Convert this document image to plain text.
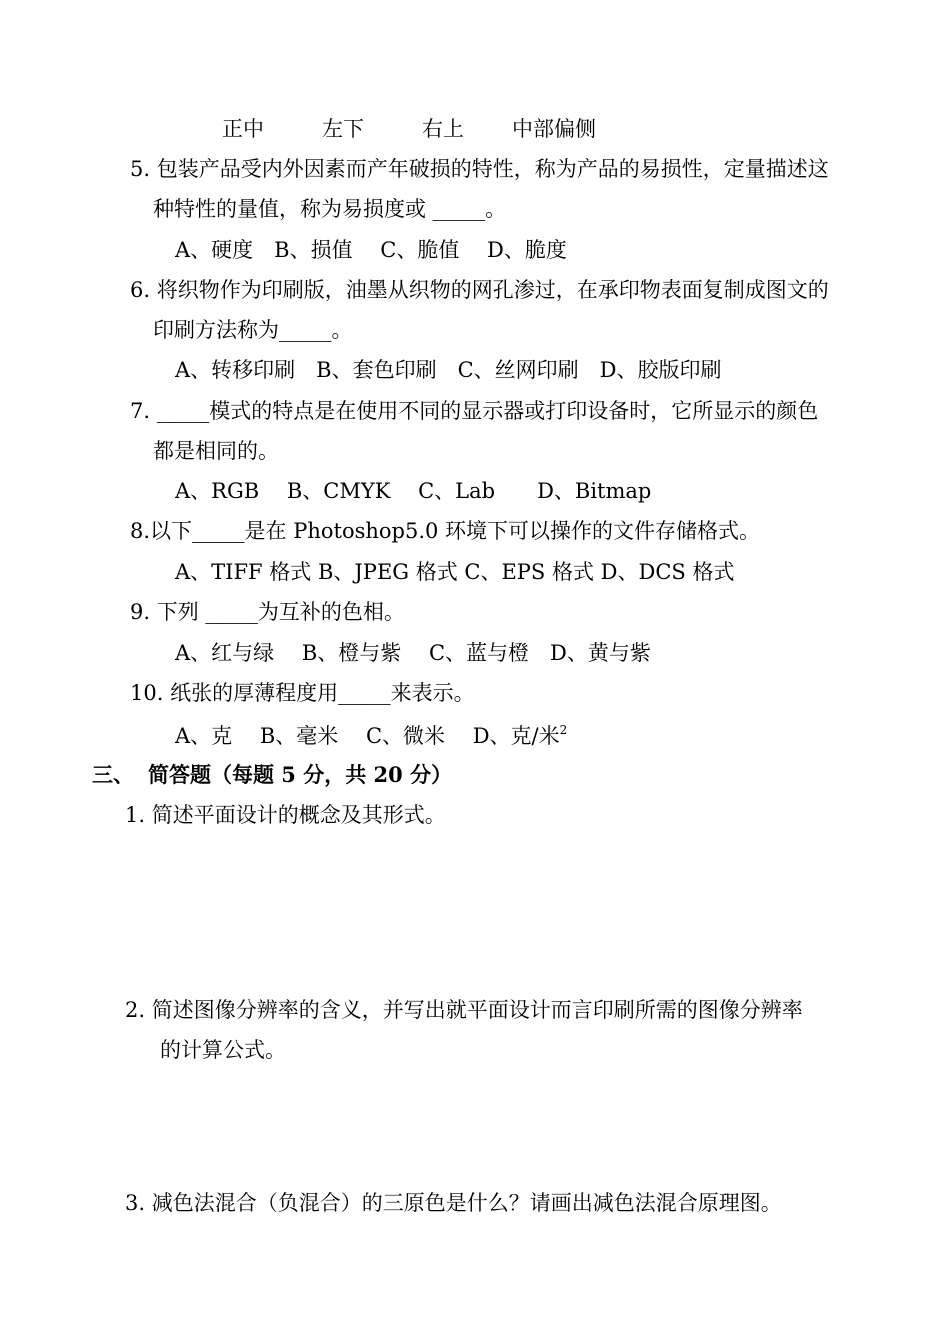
正中	左下	右上 中部偏侧
5. 包装产品受内外因素而产年破损的特性，称为产品的易损性，定量描述这
种特性的量值，称为易损度或 _____。
A、硬度　B、损值　 C、脆值　 D、脆度
6. 将织物作为印刷版，油墨从织物的网孔渗过，在承印物表面复制成图文的
印刷方法称为_____。
A、转移印刷　B、套色印刷　C、丝网印刷　D、胶版印刷
7. _____模式的特点是在使用不同的显示器或打印设备时，它所显示的颜色
都是相同的。
A、RGB　 B、CMYK　 C、Lab　　D、Bitmap
8.以下_____是在 Photoshop5.0 环境下可以操作的文件存储格式。
A、TIFF 格式 B、JPEG 格式 C、EPS 格式 D、DCS 格式
9. 下列 _____为互补的色相。
A、红与绿　 B、橙与紫　 C、蓝与橙　D、黄与紫
10. 纸张的厚薄程度用_____来表示。
A、克　 B、毫米　 C、微米　 D、克/米$^2$
三、 简答题（每题 5 分，共 20 分）
1. 简述平面设计的概念及其形式。
2. 简述图像分辨率的含义，并写出就平面设计而言印刷所需的图像分辨率
的计算公式。
3. 减色法混合（负混合）的三原色是什么？请画出减色法混合原理图。
